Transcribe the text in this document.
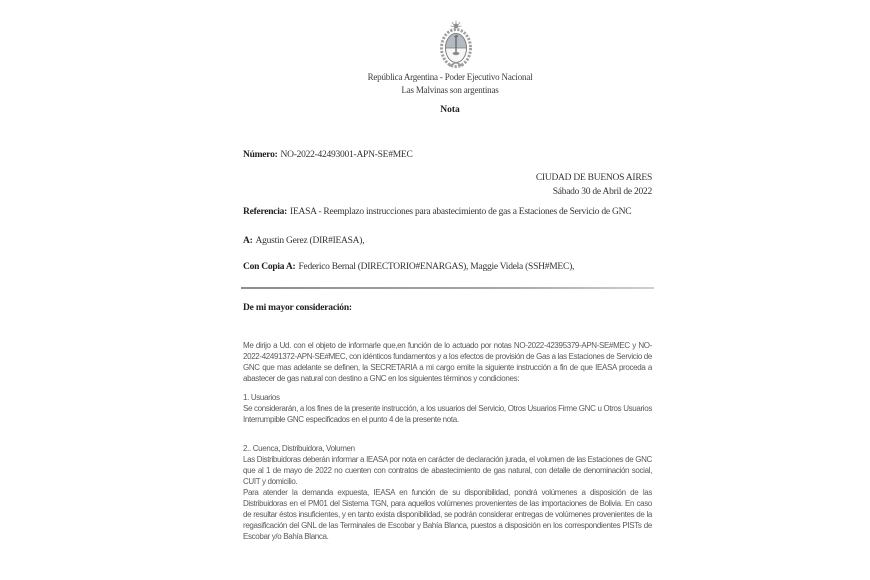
República Argentina - Poder Ejecutivo Nacional

Las Malvinas son argentinas

Nota
Número: NO-2022-42493001-APN-SE#MEC

CIUDAD DE BUENOS AIRES

Sábado 30 de Abril de 2022

Referencia: IEASA - Reemplazo instrucciones para abastecimiento de gas a Estaciones de Servicio de GNC
A: Agustin Gerez (DIR#IEASA),
Con Copia A: Federico Bernal (DIRECTORIO#ENARGAS), Maggie Videla (SSH#MEC),
De mi mayor consideración:
Me dirijo a Ud. con el objeto de informarle que,en función de lo actuado por notas NO-2022-42395379-APN-SE#MEC y NO-2022-42491372-APN-SE#MEC, con idénticos fundamentos y a los efectos de provisión de Gas a las Estaciones de Servicio de GNC que mas adelante se definen, la SECRETARIA a mi cargo emite la siguiente instrucción a fin de que IEASA proceda a abastecer de gas natural con destino a GNC en los siguientes términos y condiciones:

1. Usuarios

Se considerarán, a los fines de la presente instrucción, a los usuarios del Servicio, Otros Usuarios Firme GNC u Otros Usuarios Interrumpible GNC especificados en el punto 4 de la presente nota.

2.. Cuenca, Distribuidora, Volumen

Las Distribuidoras deberán informar a IEASA por nota en carácter de declaración jurada, el volumen de las Estaciones de GNC que al 1 de mayo de 2022 no cuenten con contratos de abastecimiento de gas natural, con detalle de denominación social, CUIT y domicilio.

Para atender la demanda expuesta, IEASA en función de su disponibilidad, pondrá volúmenes a disposición de las Distribuidoras en el PM01 del Sistema TGN, para aquellos volúmenes provenientes de las importaciones de Bolivia. En caso de resultar éstos insuficientes, y en tanto exista disponibilidad, se podrán considerar entregas de volúmenes provenientes de la regasificación del GNL de las Terminales de Escobar y Bahía Blanca, puestos a disposición en los correspondientes PISTs de Escobar y/o Bahía Blanca.
